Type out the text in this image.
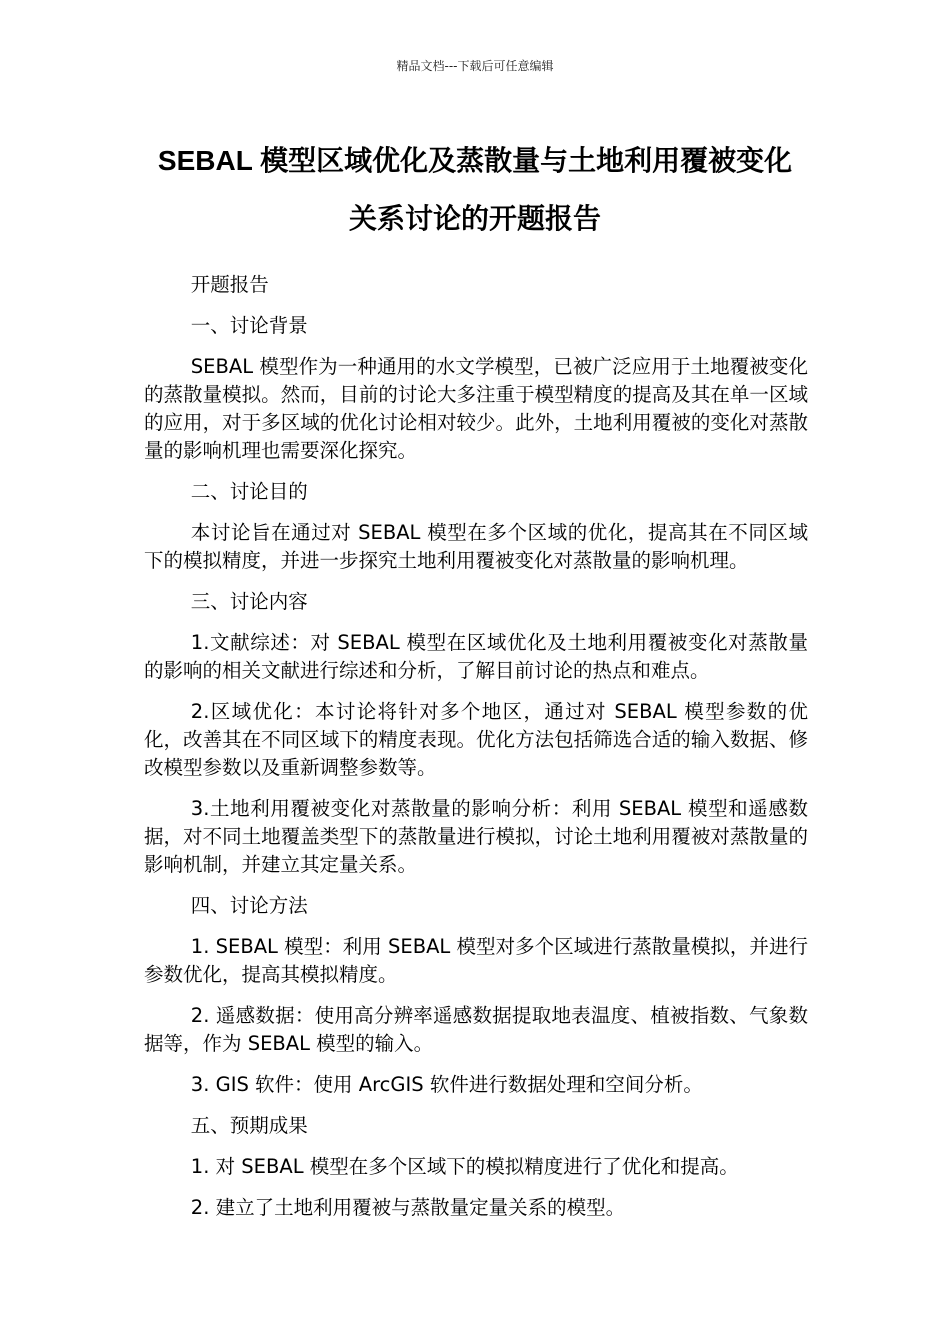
精品文档---下载后可任意编辑
SEBAL 模型区域优化及蒸散量与土地利用覆被变化
关系讨论的开题报告

开题报告

一、讨论背景

SEBAL 模型作为一种通用的水文学模型，已被广泛应用于土地覆被变化的蒸散量模拟。然而，目前的讨论大多注重于模型精度的提高及其在单一区域的应用，对于多区域的优化讨论相对较少。此外，土地利用覆被的变化对蒸散量的影响机理也需要深化探究。

二、讨论目的

本讨论旨在通过对 SEBAL 模型在多个区域的优化，提高其在不同区域下的模拟精度，并进一步探究土地利用覆被变化对蒸散量的影响机理。

三、讨论内容

1.文献综述：对 SEBAL 模型在区域优化及土地利用覆被变化对蒸散量的影响的相关文献进行综述和分析，了解目前讨论的热点和难点。

2.区域优化：本讨论将针对多个地区，通过对 SEBAL 模型参数的优化，改善其在不同区域下的精度表现。优化方法包括筛选合适的输入数据、修改模型参数以及重新调整参数等。

3.土地利用覆被变化对蒸散量的影响分析：利用 SEBAL 模型和遥感数据，对不同土地覆盖类型下的蒸散量进行模拟，讨论土地利用覆被对蒸散量的影响机制，并建立其定量关系。

四、讨论方法

1. SEBAL 模型：利用 SEBAL 模型对多个区域进行蒸散量模拟，并进行参数优化，提高其模拟精度。

2. 遥感数据：使用高分辨率遥感数据提取地表温度、植被指数、气象数据等，作为 SEBAL 模型的输入。

3. GIS 软件：使用 ArcGIS 软件进行数据处理和空间分析。

五、预期成果

1. 对 SEBAL 模型在多个区域下的模拟精度进行了优化和提高。

2. 建立了土地利用覆被与蒸散量定量关系的模型。
